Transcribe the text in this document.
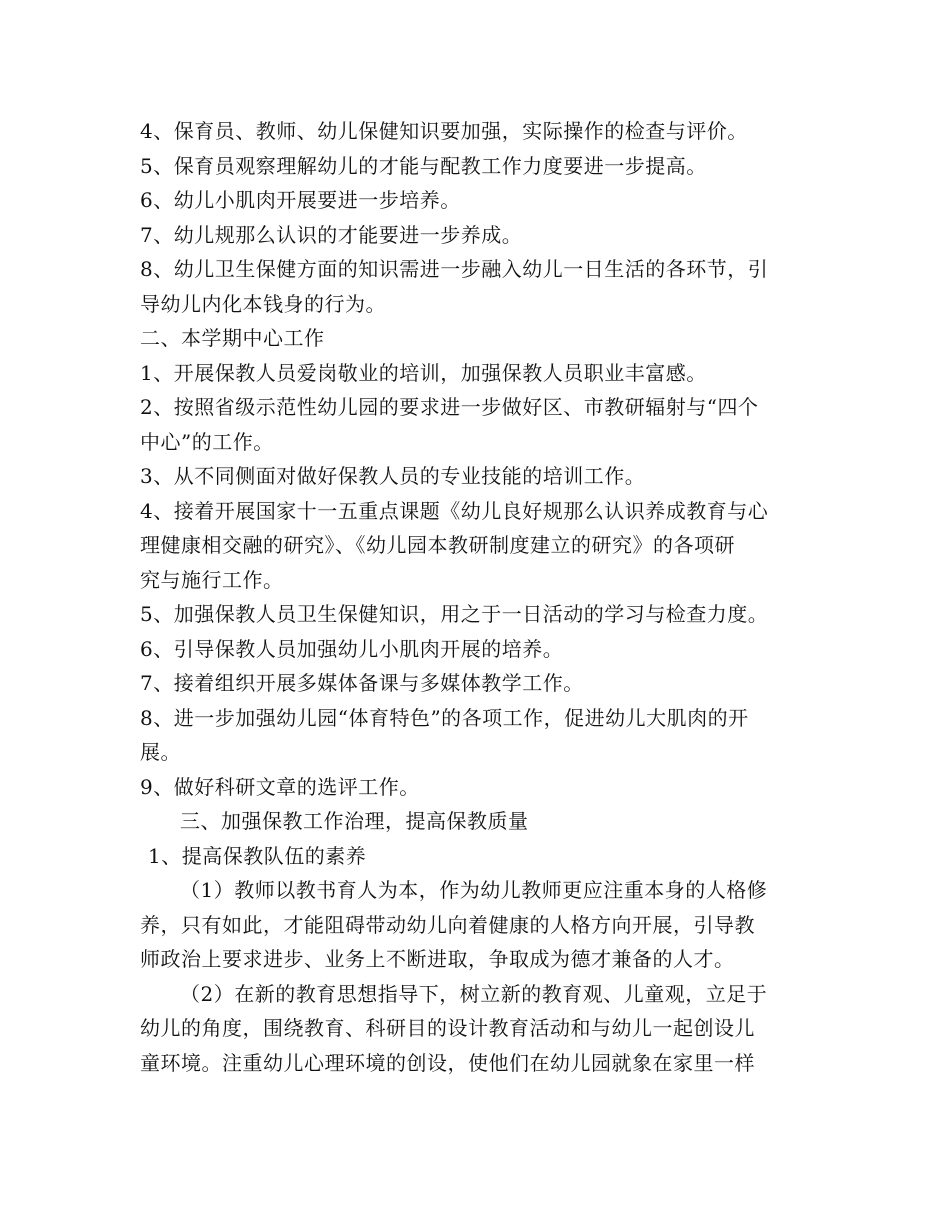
4、保育员、教师、幼儿保健知识要加强，实际操作的检查与评价。
5、保育员观察理解幼儿的才能与配教工作力度要进一步提高。
6、幼儿小肌肉开展要进一步培养。
7、幼儿规那么认识的才能要进一步养成。
8、幼儿卫生保健方面的知识需进一步融入幼儿一日生活的各环节，引
导幼儿内化本钱身的行为。
二、本学期中心工作
1、开展保教人员爱岗敬业的培训，加强保教人员职业丰富感。
2、按照省级示范性幼儿园的要求进一步做好区、市教研辐射与“四个
中心”的工作。
3、从不同侧面对做好保教人员的专业技能的培训工作。
4、接着开展国家十一五重点课题《幼儿良好规那么认识养成教育与心
理健康相交融的研究》、《幼儿园本教研制度建立的研究》的各项研
究与施行工作。
5、加强保教人员卫生保健知识，用之于一日活动的学习与检查力度。
6、引导保教人员加强幼儿小肌肉开展的培养。
7、接着组织开展多媒体备课与多媒体教学工作。
8、进一步加强幼儿园“体育特色”的各项工作，促进幼儿大肌肉的开
展。
9、做好科研文章的选评工作。
三、加强保教工作治理，提高保教质量
1、提高保教队伍的素养
（1）教师以教书育人为本，作为幼儿教师更应注重本身的人格修
养，只有如此，才能阻碍带动幼儿向着健康的人格方向开展，引导教
师政治上要求进步、业务上不断进取，争取成为德才兼备的人才。
（2）在新的教育思想指导下，树立新的教育观、儿童观，立足于
幼儿的角度，围绕教育、科研目的设计教育活动和与幼儿一起创设儿
童环境。注重幼儿心理环境的创设，使他们在幼儿园就象在家里一样
